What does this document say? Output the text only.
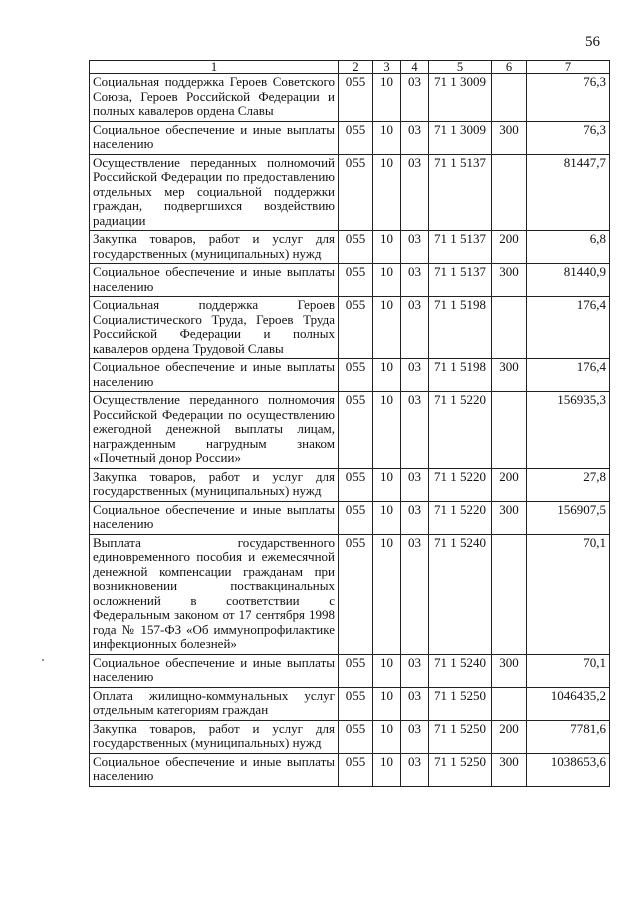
56
1	2	3	4	5	6	7
Социальная поддержка Героев Советского Союза, Героев Российской Федерации и полных кавалеров ордена Славы	055	10	03	71 1 3009		76,3
Социальное обеспечение и иные выплаты населению	055	10	03	71 1 3009	300	76,3
Осуществление переданных полномочий Российской Федерации по предоставлению отдельных мер социальной поддержки граждан, подвергшихся воздействию радиации	055	10	03	71 1 5137		81447,7
Закупка товаров, работ и услуг для государственных (муниципальных) нужд	055	10	03	71 1 5137	200	6,8
Социальное обеспечение и иные выплаты населению	055	10	03	71 1 5137	300	81440,9
Социальная поддержка Героев Социалистического Труда, Героев Труда Российской Федерации и полных кавалеров ордена Трудовой Славы	055	10	03	71 1 5198		176,4
Социальное обеспечение и иные выплаты населению	055	10	03	71 1 5198	300	176,4
Осуществление переданного полномочия Российской Федерации по осуществлению ежегодной денежной выплаты лицам, награжденным нагрудным знаком «Почетный донор России»	055	10	03	71 1 5220		156935,3
Закупка товаров, работ и услуг для государственных (муниципальных) нужд	055	10	03	71 1 5220	200	27,8
Социальное обеспечение и иные выплаты населению	055	10	03	71 1 5220	300	156907,5
Выплата государственного единовременного пособия и ежемесячной денежной компенсации гражданам при возникновении поствакцинальных осложнений в соответствии с Федеральным законом от 17 сентября 1998 года № 157-ФЗ «Об иммунопрофилактике инфекционных болезней»	055	10	03	71 1 5240		70,1
Социальное обеспечение и иные выплаты населению	055	10	03	71 1 5240	300	70,1
Оплата жилищно-коммунальных услуг отдельным категориям граждан	055	10	03	71 1 5250		1046435,2
Закупка товаров, работ и услуг для государственных (муниципальных) нужд	055	10	03	71 1 5250	200	7781,6
Социальное обеспечение и иные выплаты населению	055	10	03	71 1 5250	300	1038653,6
